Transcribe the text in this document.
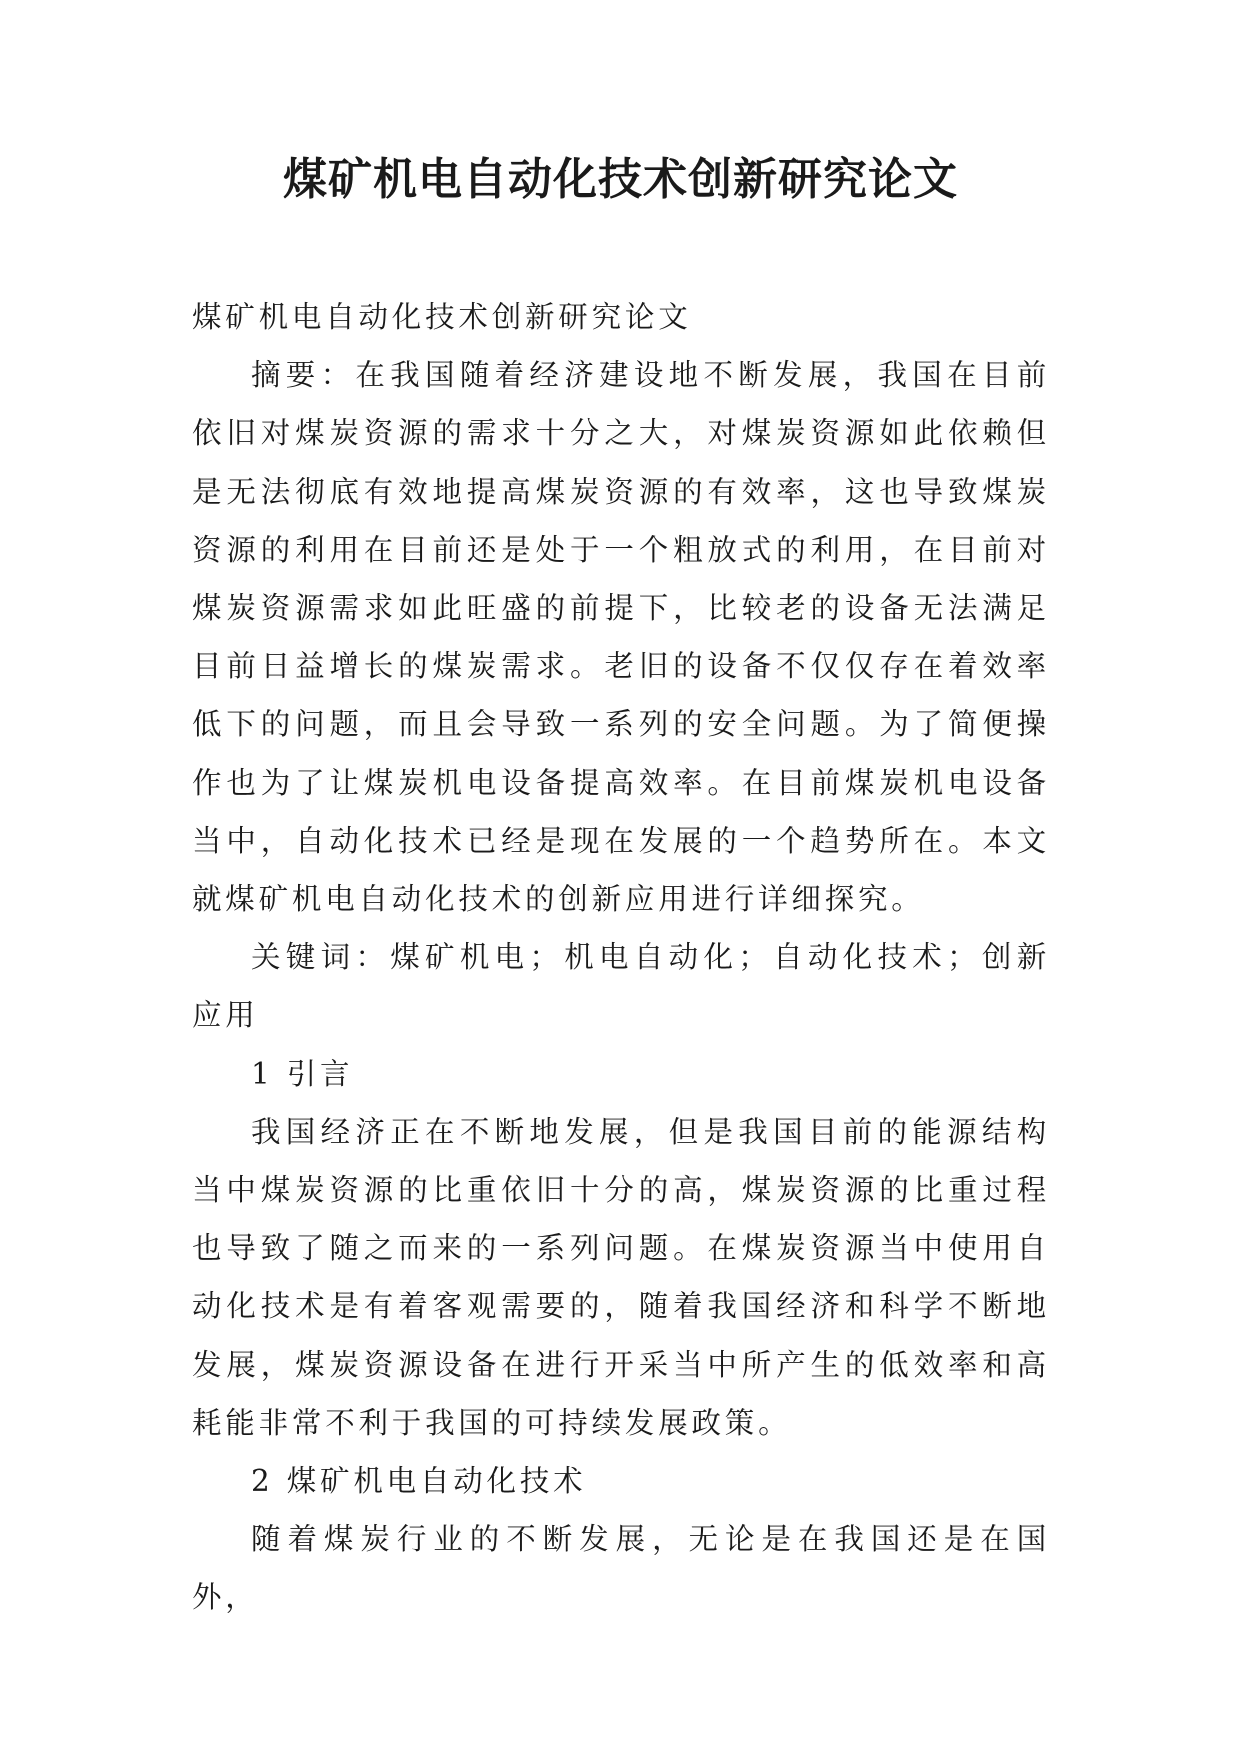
煤矿机电自动化技术创新研究论文

煤矿机电自动化技术创新研究论文

摘要：在我国随着经济建设地不断发展，我国在目前依旧对煤炭资源的需求十分之大，对煤炭资源如此依赖但是无法彻底有效地提高煤炭资源的有效率，这也导致煤炭资源的利用在目前还是处于一个粗放式的利用，在目前对煤炭资源需求如此旺盛的前提下，比较老的设备无法满足目前日益增长的煤炭需求。老旧的设备不仅仅存在着效率低下的问题，而且会导致一系列的安全问题。为了简便操作也为了让煤炭机电设备提高效率。在目前煤炭机电设备当中，自动化技术已经是现在发展的一个趋势所在。本文就煤矿机电自动化技术的创新应用进行详细探究。

关键词：煤矿机电；机电自动化；自动化技术；创新应用

1 引言

我国经济正在不断地发展，但是我国目前的能源结构当中煤炭资源的比重依旧十分的高，煤炭资源的比重过程也导致了随之而来的一系列问题。在煤炭资源当中使用自动化技术是有着客观需要的，随着我国经济和科学不断地发展，煤炭资源设备在进行开采当中所产生的低效率和高耗能非常不利于我国的可持续发展政策。

2 煤矿机电自动化技术

随着煤炭行业的不断发展，无论是在我国还是在国外，
